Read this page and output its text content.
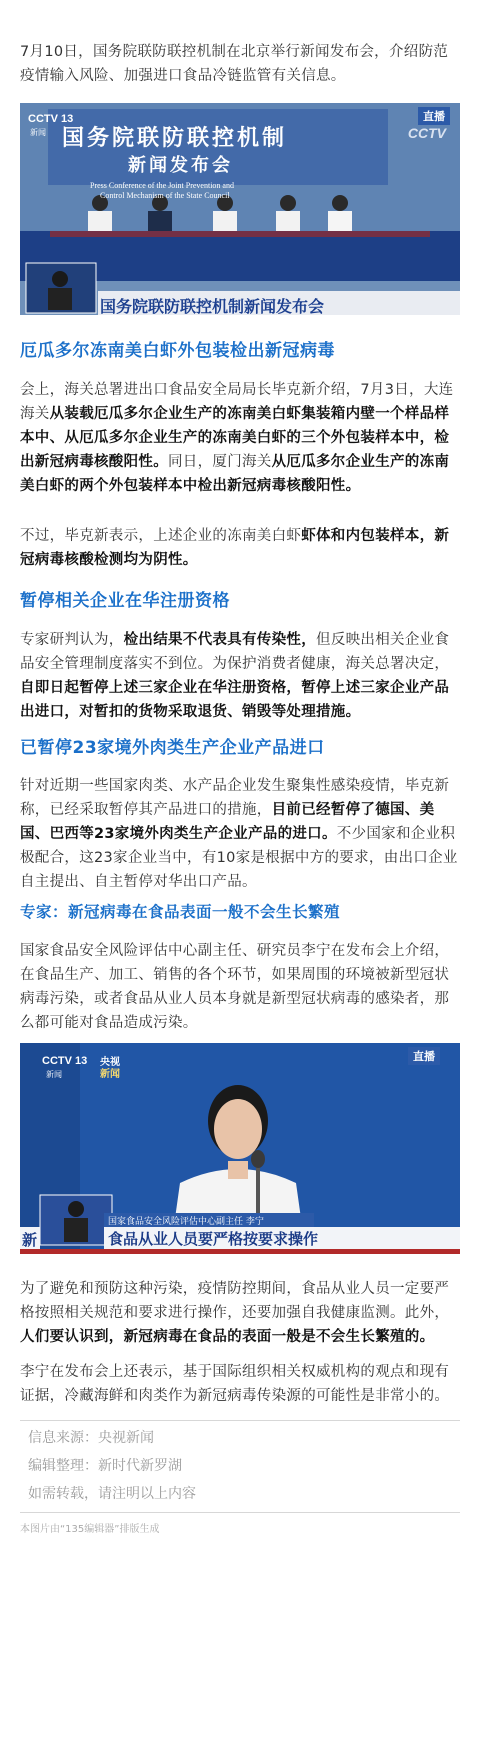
7月10日，国务院联防联控机制在北京举行新闻发布会，介绍防范疫情输入风险、加强进口食品冷链监管有关信息。

CCTV 13
新闻
直播
国务院联防联控机制
新闻发布会
Press Conference of the Joint Prevention and
Control Mechanism of the State Council
CCTV
国务院联防联控机制新闻发布会
厄瓜多尔冻南美白虾外包装检出新冠病毒

会上，海关总署进出口食品安全局局长毕克新介绍，7月3日，大连海关从装载厄瓜多尔企业生产的冻南美白虾集装箱内壁一个样品样本中、从厄瓜多尔企业生产的冻南美白虾的三个外包装样本中，检出新冠病毒核酸阳性。同日，厦门海关从厄瓜多尔企业生产的冻南美白虾的两个外包装样本中检出新冠病毒核酸阳性。

不过，毕克新表示，上述企业的冻南美白虾虾体和内包装样本，新冠病毒核酸检测均为阴性。

暂停相关企业在华注册资格

专家研判认为，检出结果不代表具有传染性，但反映出相关企业食品安全管理制度落实不到位。为保护消费者健康，海关总署决定，自即日起暂停上述三家企业在华注册资格，暂停上述三家企业产品出进口，对暂扣的货物采取退货、销毁等处理措施。

已暂停23家境外肉类生产企业产品进口

针对近期一些国家肉类、水产品企业发生聚集性感染疫情，毕克新称，已经采取暂停其产品进口的措施，目前已经暂停了德国、美国、巴西等23家境外肉类生产企业产品的进口。不少国家和企业积极配合，这23家企业当中，有10家是根据中方的要求，由出口企业自主提出、自主暂停对华出口产品。

专家：新冠病毒在食品表面一般不会生长繁殖

国家食品安全风险评估中心副主任、研究员李宁在发布会上介绍，在食品生产、加工、销售的各个环节，如果周围的环境被新型冠状病毒污染，或者食品从业人员本身就是新型冠状病毒的感染者，那么都可能对食品造成污染。

CCTV 13
新闻
央视
新闻
直播
国家食品安全风险评估中心副主任 李宁
食品从业人员要严格按要求操作
新

为了避免和预防这种污染，疫情防控期间，食品从业人员一定要严格按照相关规范和要求进行操作，还要加强自我健康监测。此外，人们要认识到，新冠病毒在食品的表面一般是不会生长繁殖的。

李宁在发布会上还表示，基于国际组织相关权威机构的观点和现有证据，冷藏海鲜和肉类作为新冠病毒传染源的可能性是非常小的。

信息来源：央视新闻
编辑整理：新时代新罗湖
如需转载，请注明以上内容
本图片由“135编辑器”排版生成
